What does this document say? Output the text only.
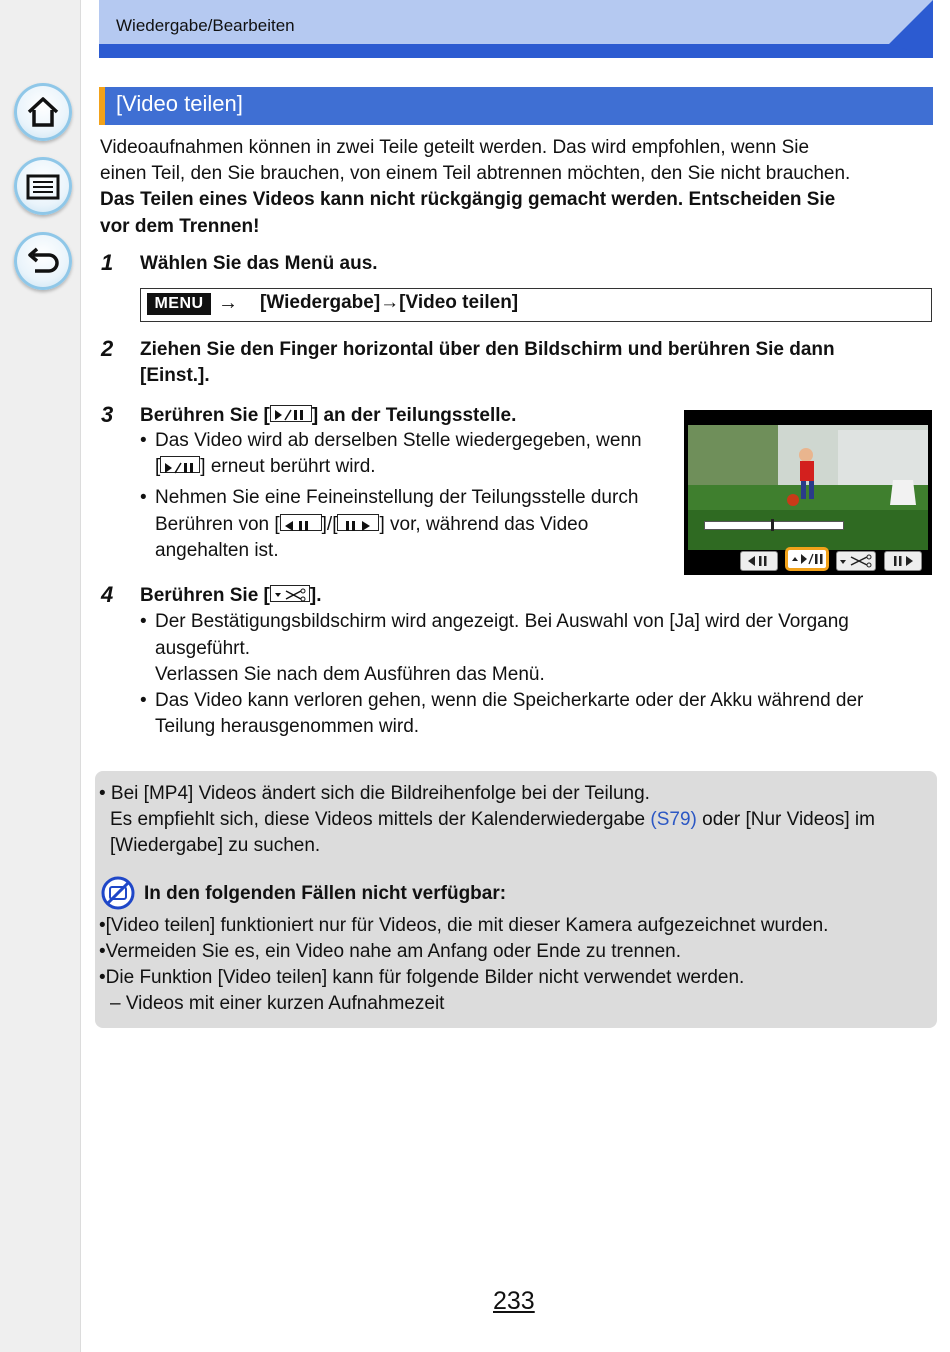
Wiedergabe/Bearbeiten
[Video teilen]
Videoaufnahmen können in zwei Teile geteilt werden. Das wird empfohlen, wenn Sie
einen Teil, den Sie brauchen, von einem Teil abtrennen möchten, den Sie nicht brauchen.
Das Teilen eines Videos kann nicht rückgängig gemacht werden. Entscheiden Sie
vor dem Trennen!
1 Wählen Sie das Menü aus.
MENU → [Wiedergabe]→[Video teilen]
2 Ziehen Sie den Finger horizontal über den Bildschirm und berühren Sie dann
[Einst.].
3 Berühren Sie [ ] an der Teilungsstelle.
• Das Video wird ab derselben Stelle wiedergegeben, wenn
[ ] erneut berührt wird.
• Nehmen Sie eine Feineinstellung der Teilungsstelle durch
Berühren von [ ]/[ ] vor, während das Video
angehalten ist.
4 Berühren Sie [ ].
• Der Bestätigungsbildschirm wird angezeigt. Bei Auswahl von [Ja] wird der Vorgang
ausgeführt.
Verlassen Sie nach dem Ausführen das Menü.
• Das Video kann verloren gehen, wenn die Speicherkarte oder der Akku während der
Teilung herausgenommen wird.
• Bei [MP4] Videos ändert sich die Bildreihenfolge bei der Teilung.
Es empfiehlt sich, diese Videos mittels der Kalenderwiedergabe (S79) oder [Nur Videos] im
[Wiedergabe] zu suchen.
In den folgenden Fällen nicht verfügbar:
•[Video teilen] funktioniert nur für Videos, die mit dieser Kamera aufgezeichnet wurden.
•Vermeiden Sie es, ein Video nahe am Anfang oder Ende zu trennen.
•Die Funktion [Video teilen] kann für folgende Bilder nicht verwendet werden.
– Videos mit einer kurzen Aufnahmezeit
233
